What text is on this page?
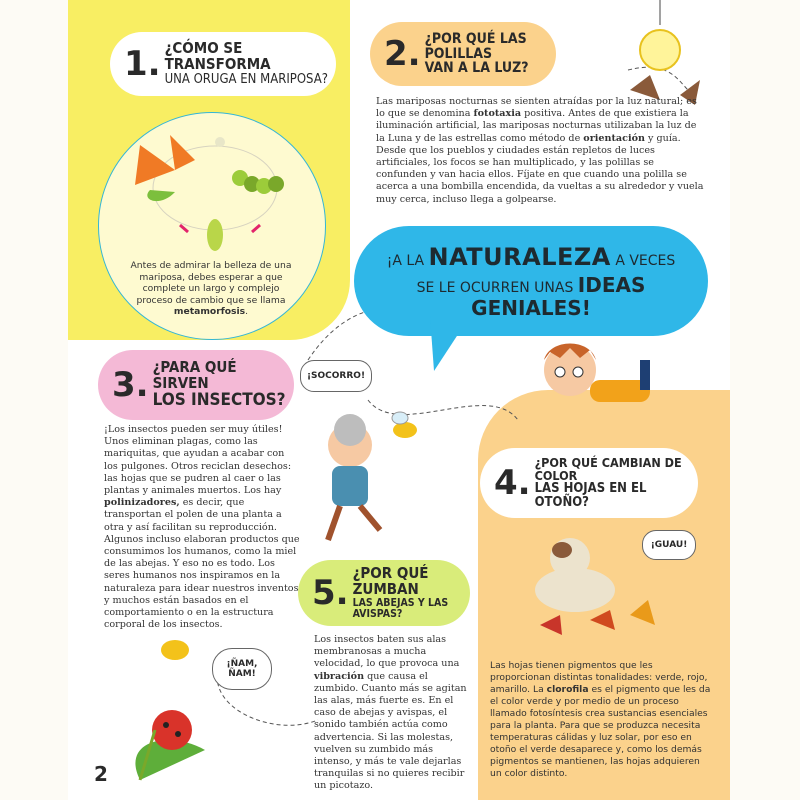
1. ¿CÓMO SE TRANSFORMA
UNA ORUGA EN MARIPOSA?
Antes de admirar la belleza de una mariposa, debes esperar a que complete un largo y complejo proceso de cambio que se llama metamorfosis.
2. ¿POR QUÉ LAS POLILLAS
VAN A LA LUZ?
Las mariposas nocturnas se sienten atraídas por la luz natural; es lo que se denomina fototaxia positiva. Antes de que existiera la iluminación artificial, las mariposas nocturnas utilizaban la luz de la Luna y de las estrellas como método de orientación y guía. Desde que los pueblos y ciudades están repletos de luces artificiales, los focos se han multiplicado, y las polillas se confunden y van hacia ellos. Fíjate en que cuando una polilla se acerca a una bombilla encendida, da vueltas a su alrededor y vuela muy cerca, incluso llega a golpearse.
¡A LA NATURALEZA A VECES
SE LE OCURREN UNAS IDEAS GENIALES!
3. ¿PARA QUÉ SIRVEN
LOS INSECTOS?
¡Los insectos pueden ser muy útiles! Unos eliminan plagas, como las mariquitas, que ayudan a acabar con los pulgones. Otros reciclan desechos: las hojas que se pudren al caer o las plantas y animales muertos. Los hay polinizadores, es decir, que transportan el polen de una planta a otra y así facilitan su reproducción. Algunos incluso elaboran productos que consumimos los humanos, como la miel de las abejas. Y eso no es todo. Los seres humanos nos inspiramos en la naturaleza para idear nuestros inventos y muchos están basados en el comportamiento o en la estructura corporal de los insectos.
¡SOCORRO!
4.
¿POR QUÉ CAMBIAN DE COLOR
LAS HOJAS EN EL OTOÑO?
¡GUAU!
Las hojas tienen pigmentos que les proporcionan distintas tonalidades: verde, rojo, amarillo. La clorofila es el pigmento que les da el color verde y por medio de un proceso llamado fotosíntesis crea sustancias esenciales para la planta. Para que se produzca necesita temperaturas cálidas y luz solar, por eso en otoño el verde desaparece y, como los demás pigmentos se mantienen, las hojas adquieren un color distinto.
5. ¿POR QUÉ ZUMBAN
LAS ABEJAS Y LAS AVISPAS?
Los insectos baten sus alas membranosas a mucha velocidad, lo que provoca una vibración que causa el zumbido. Cuanto más se agitan las alas, más fuerte es. En el caso de abejas y avispas, el sonido también actúa como advertencia. Si las molestas, vuelven su zumbido más intenso, y más te vale dejarlas tranquilas si no quieres recibir un picotazo.
¡ÑAM, ÑAM!
2
